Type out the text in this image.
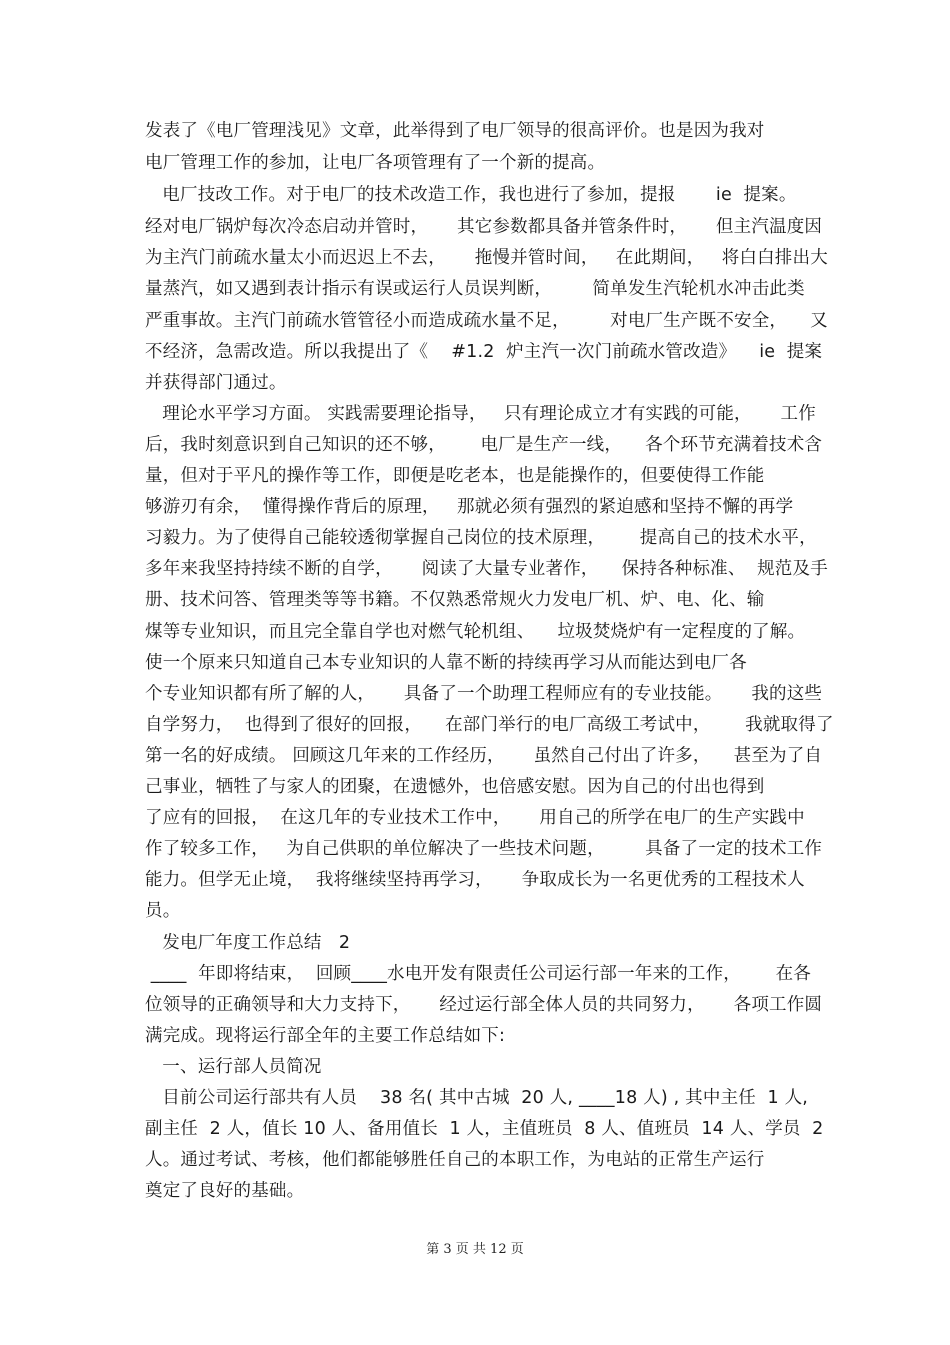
发表了《电厂管理浅见》文章，此举得到了电厂领导的很高评价。也是因为我对
电厂管理工作的参加，让电厂各项管理有了一个新的提高。
电厂技改工作。对于电厂的技术改造工作，我也进行了参加，提报       ie  提案。
经对电厂锅炉每次冷态启动并管时，     其它参数都具备并管条件时，     但主汽温度因
为主汽门前疏水量太小而迟迟上不去，     拖慢并管时间，   在此期间，   将白白排出大
量蒸汽，如又遇到表计指示有误或运行人员误判断，       简单发生汽轮机水冲击此类
严重事故。主汽门前疏水管管径小而造成疏水量不足，       对电厂生产既不安全，    又
不经济，急需改造。所以我提出了《    #1.2  炉主汽一次门前疏水管改造》    ie  提案
并获得部门通过。
理论水平学习方面。 实践需要理论指导，   只有理论成立才有实践的可能，     工作
后，我时刻意识到自己知识的还不够，      电厂是生产一线，    各个环节充满着技术含
量，但对于平凡的操作等工作，即便是吃老本，也是能操作的，但要使得工作能
够游刃有余，  懂得操作背后的原理，   那就必须有强烈的紧迫感和坚持不懈的再学
习毅力。为了使得自己能较透彻掌握自己岗位的技术原理，      提高自己的技术水平，
多年来我坚持持续不断的自学，     阅读了大量专业著作，    保持各种标准、  规范及手
册、技术问答、管理类等等书籍。不仅熟悉常规火力发电厂机、炉、电、化、输
煤等专业知识，而且完全靠自学也对燃气轮机组、    垃圾焚烧炉有一定程度的了解。
使一个原来只知道自己本专业知识的人靠不断的持续再学习从而能达到电厂各
个专业知识都有所了解的人，     具备了一个助理工程师应有的专业技能。     我的这些
自学努力，  也得到了很好的回报，    在部门举行的电厂高级工考试中，      我就取得了
第一名的好成绩。 回顾这几年来的工作经历，     虽然自己付出了许多，    甚至为了自
己事业，牺牲了与家人的团聚，在遗憾外，也倍感安慰。因为自己的付出也得到
了应有的回报，  在这几年的专业技术工作中，     用自己的所学在电厂的生产实践中
作了较多工作，   为自己供职的单位解决了一些技术问题，       具备了一定的技术工作
能力。但学无止境，  我将继续坚持再学习，     争取成长为一名更优秀的工程技术人
员。
发电厂年度工作总结   2
____  年即将结束，  回顾____水电开发有限责任公司运行部一年来的工作，      在各
位领导的正确领导和大力支持下，     经过运行部全体人员的共同努力，     各项工作圆
满完成。现将运行部全年的主要工作总结如下:
一、运行部人员简况
目前公司运行部共有人员    38 名( 其中古城  20 人, ____18 人) , 其中主任  1 人,
副主任  2 人，值长 10 人、备用值长  1 人，主值班员  8 人、值班员  14 人、学员  2
人。通过考试、考核，他们都能够胜任自己的本职工作，为电站的正常生产运行
奠定了良好的基础。
第 3 页 共 12 页
